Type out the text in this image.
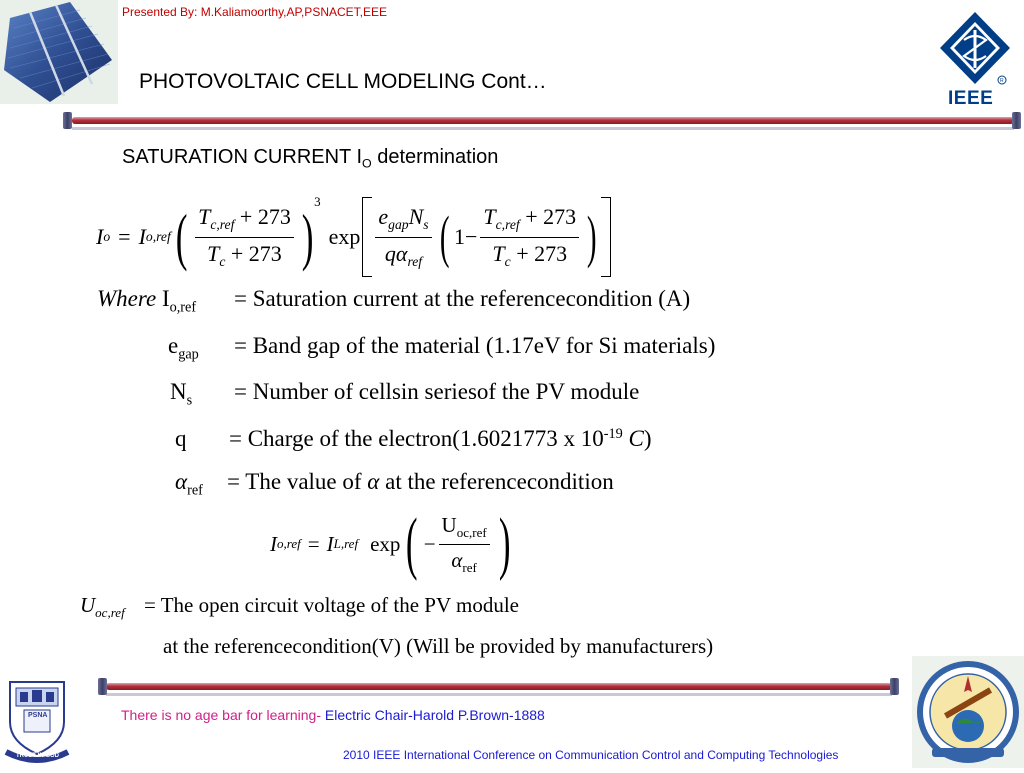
Presented By: M.Kaliamoorthy,AP,PSNACET,EEE
PHOTOVOLTAIC CELL MODELING Cont…	R
IEEE
SATURATION CURRENT $I_O$ determination
I o = I o,ref ( $\frac{T_{c,ref} + 273}{T_c + 273}$ ) 3
$\exp \frac{e_{gap}N_s}{q\alpha_{ref}}$ ( $1- \frac{T_{c,ref} + 273}{T_c + 273}$ )
Where $I_{o,ref}$ = Saturation current at the referencecondition (A)
$e_{gap}$ = Band gap of the material (1.17eV for Si materials)
$N_s$ = Number of cellsin seriesof the PV module
q = Charge of the electron(1.6021773 x $10^{-19}$ C)
$\alpha_{ref}$ = The value of α at the referencecondition
I o,ref = I L,ref exp ( − $\frac{U_{oc,ref}}{\alpha_{ref}}$ )
$U_{oc,ref}$ = The open circuit voltage of the PV module
at the referencecondition(V) (Will be provided by manufacturers)
PSNA
TRUST IN GOD
There is no age bar for learning- Electric Chair-Harold P.Brown-1888
2010 IEEE International Conference on Communication Control and Computing Technologies
